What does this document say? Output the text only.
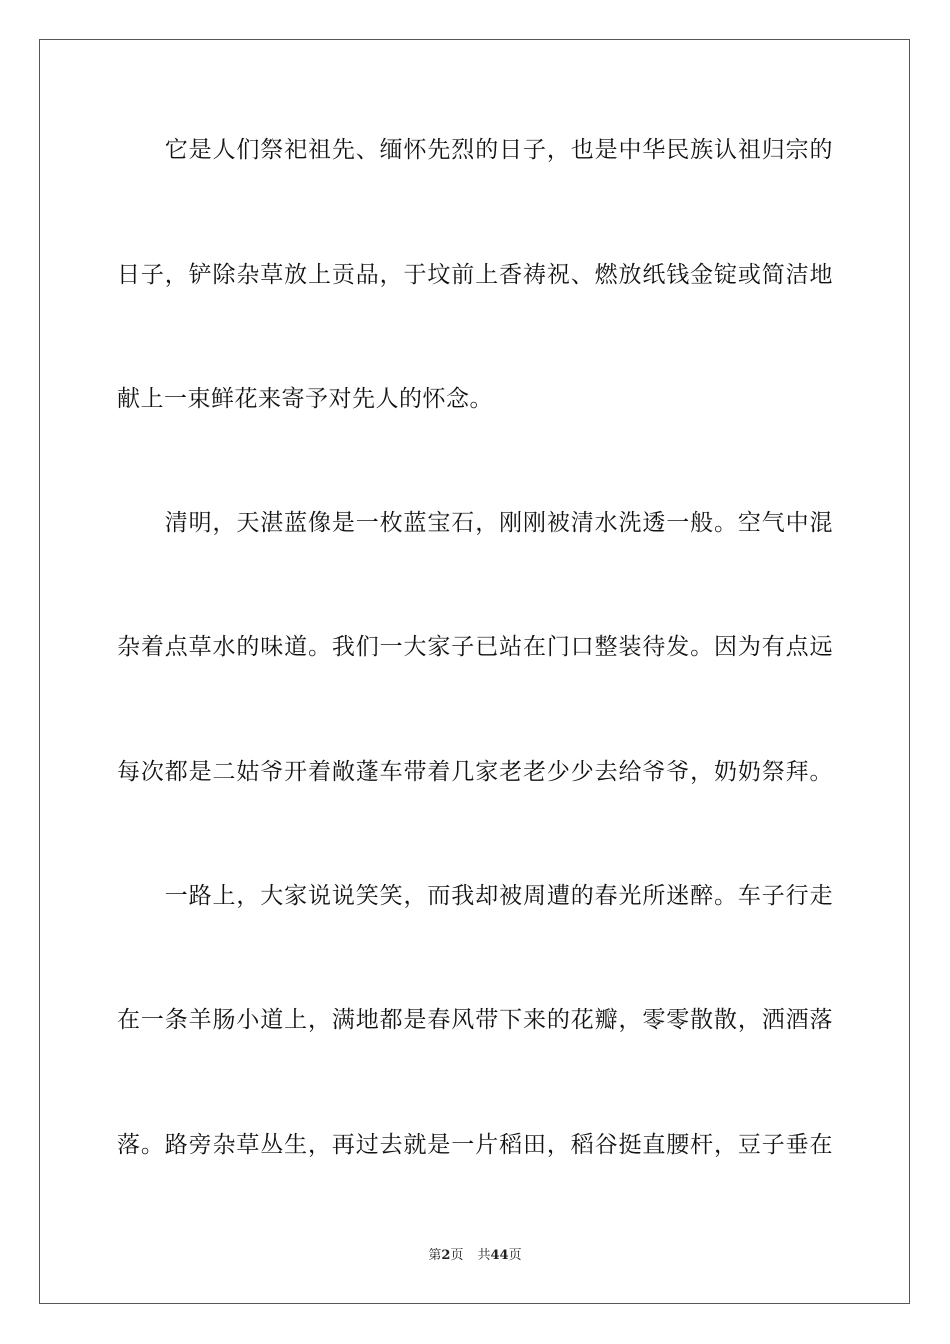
　　它是人们祭祀祖先、缅怀先烈的日子，也是中华民族认祖归宗的
日子，铲除杂草放上贡品，于坟前上香祷祝、燃放纸钱金锭或简洁地
献上一束鲜花来寄予对先人的怀念。
　　清明，天湛蓝像是一枚蓝宝石，刚刚被清水洗透一般。空气中混
杂着点草水的味道。我们一大家子已站在门口整装待发。因为有点远
每次都是二姑爷开着敞蓬车带着几家老老少少去给爷爷，奶奶祭拜。
　　一路上，大家说说笑笑，而我却被周遭的春光所迷醉。车子行走
在一条羊肠小道上，满地都是春风带下来的花瓣，零零散散，洒酒落
落。路旁杂草丛生，再过去就是一片稻田，稻谷挺直腰杆，豆子垂在
第2页 共44页
